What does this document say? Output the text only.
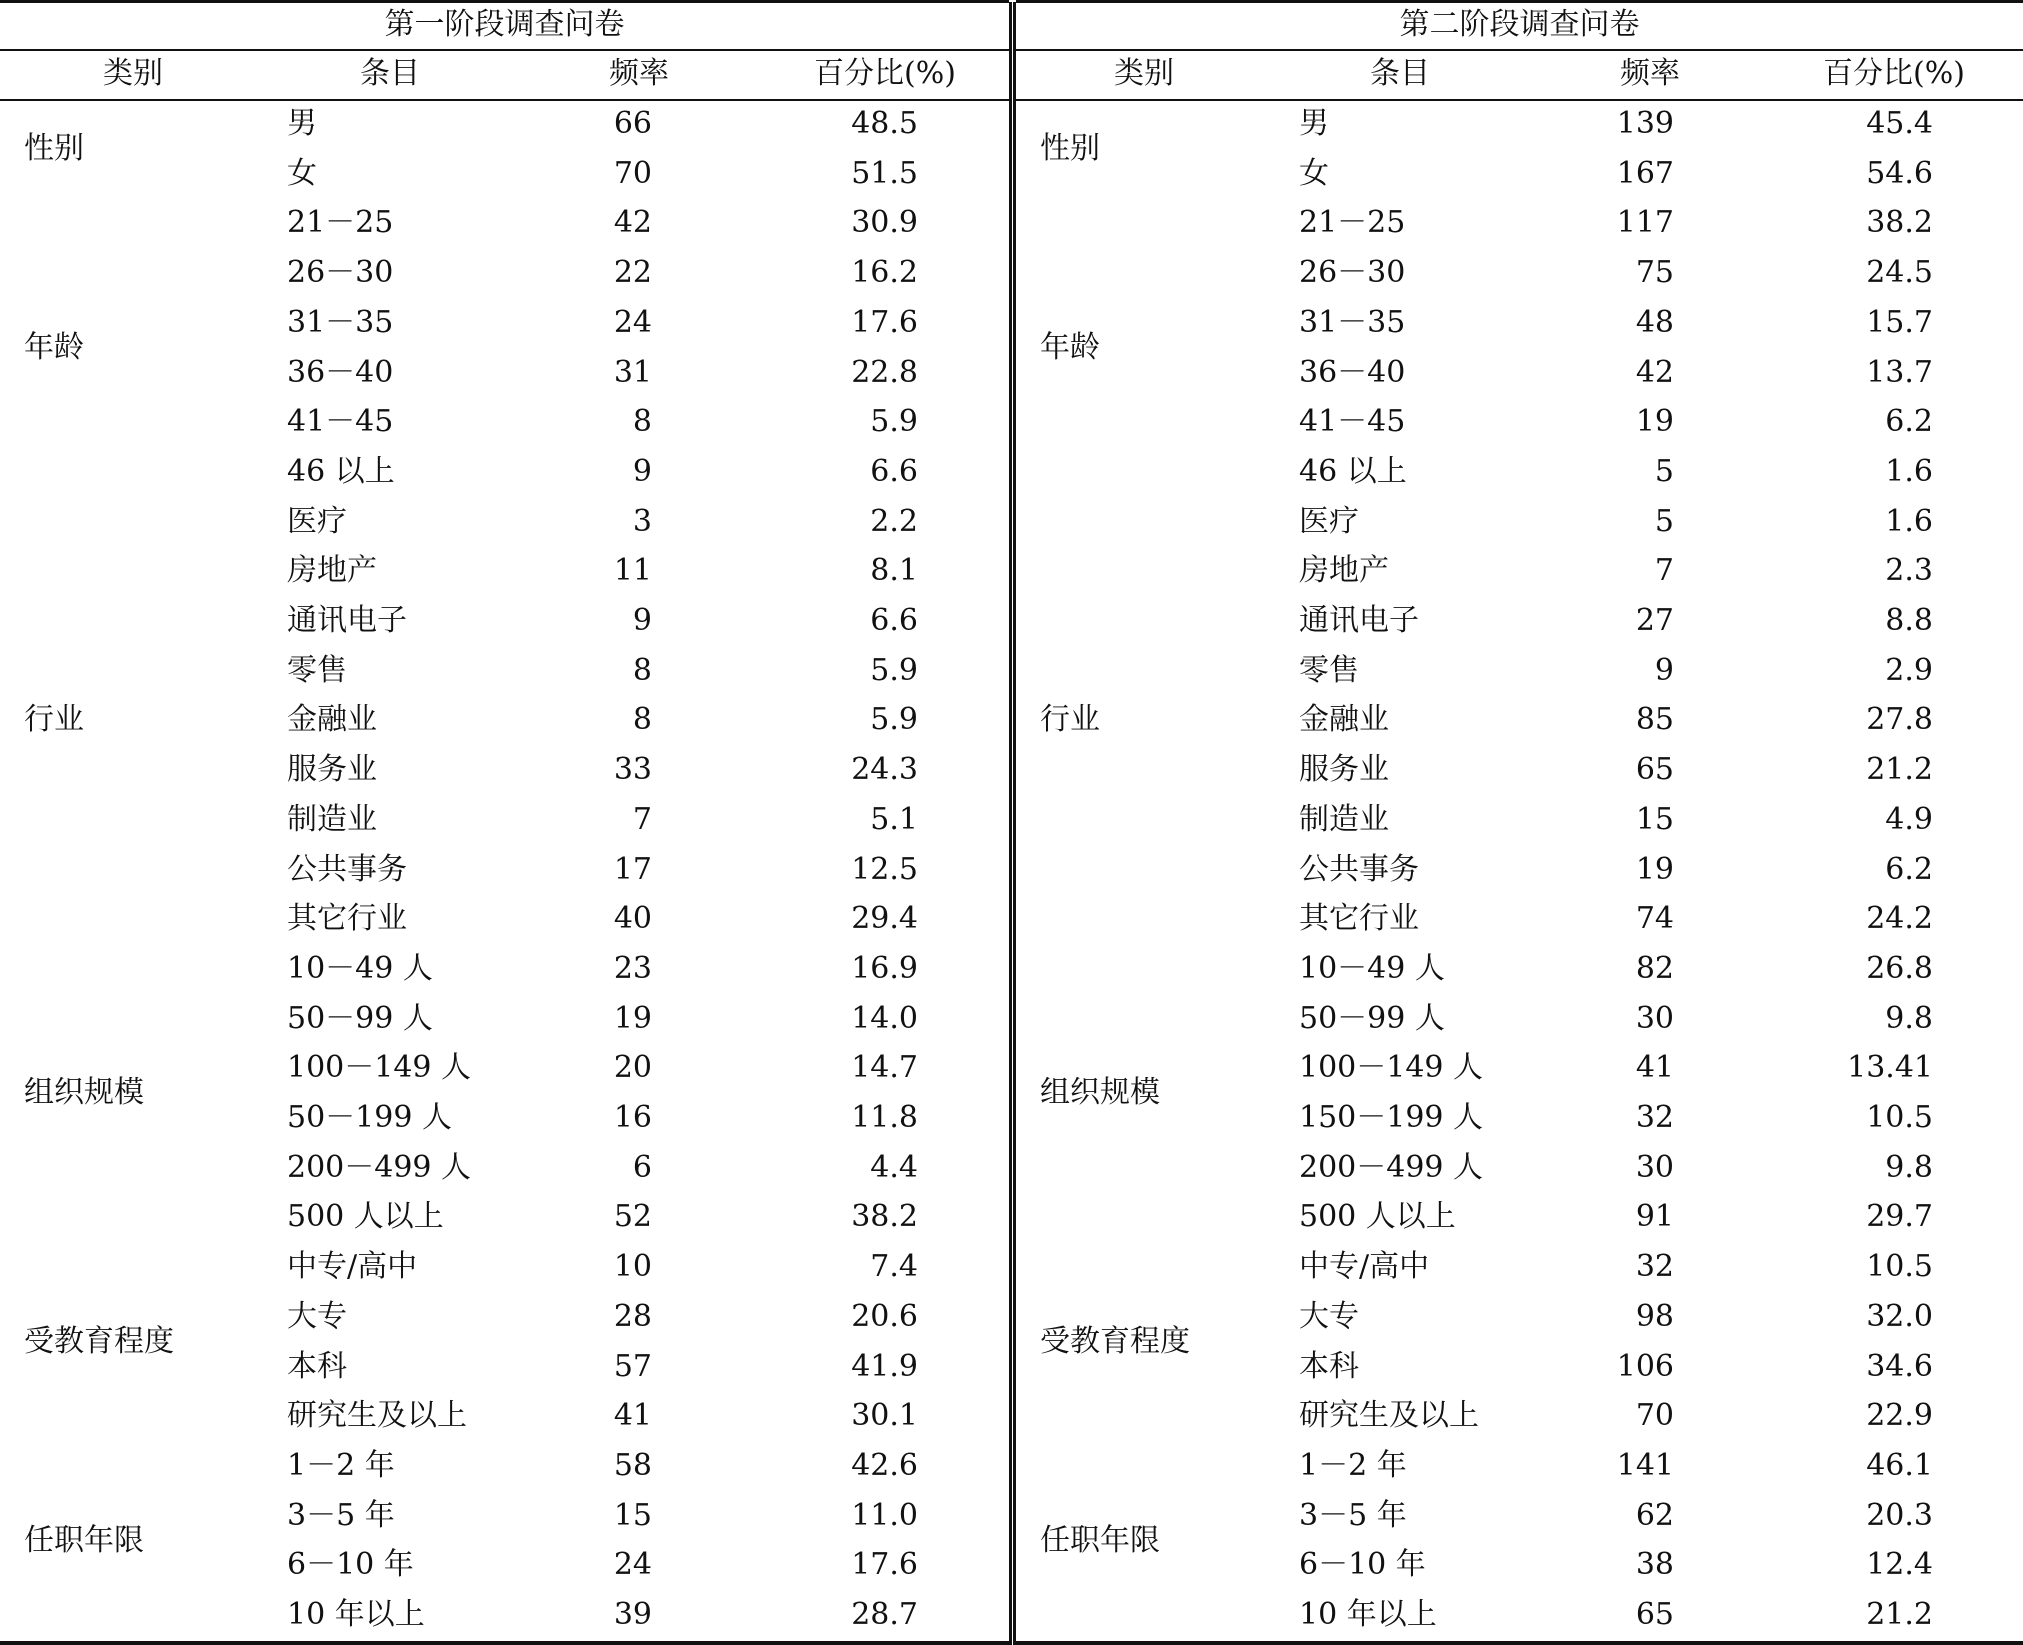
第一阶段调查问卷
类别	条目	频率	百分比(%)
性别
男	66	48.5
女	70	51.5
年龄
21－25	42	30.9
26－30	22	16.2
31－35	24	17.6
36－40	31	22.8
41－45	8	5.9
46 以上	9	6.6
行业
医疗	3	2.2
房地产	11	8.1
通讯电子	9	6.6
零售	8	5.9
金融业	8	5.9
服务业	33	24.3
制造业	7	5.1
公共事务	17	12.5
其它行业	40	29.4
组织规模
10－49 人	23	16.9
50－99 人	19	14.0
100－149 人	20	14.7
50－199 人	16	11.8
200－499 人	6	4.4
500 人以上	52	38.2
受教育程度
中专/高中	10	7.4
大专	28	20.6
本科	57	41.9
研究生及以上	41	30.1
任职年限
1－2 年	58	42.6
3－5 年	15	11.0
6－10 年	24	17.6
10 年以上	39	28.7
第二阶段调查问卷
类别	条目	频率	百分比(%)
性别
男	139	45.4
女	167	54.6
年龄
21－25	117	38.2
26－30	75	24.5
31－35	48	15.7
36－40	42	13.7
41－45	19	6.2
46 以上	5	1.6
行业
医疗	5	1.6
房地产	7	2.3
通讯电子	27	8.8
零售	9	2.9
金融业	85	27.8
服务业	65	21.2
制造业	15	4.9
公共事务	19	6.2
其它行业	74	24.2
组织规模
10－49 人	82	26.8
50－99 人	30	9.8
100－149 人	41	13.41
150－199 人	32	10.5
200－499 人	30	9.8
500 人以上	91	29.7
受教育程度
中专/高中	32	10.5
大专	98	32.0
本科	106	34.6
研究生及以上	70	22.9
任职年限
1－2 年	141	46.1
3－5 年	62	20.3
6－10 年	38	12.4
10 年以上	65	21.2
